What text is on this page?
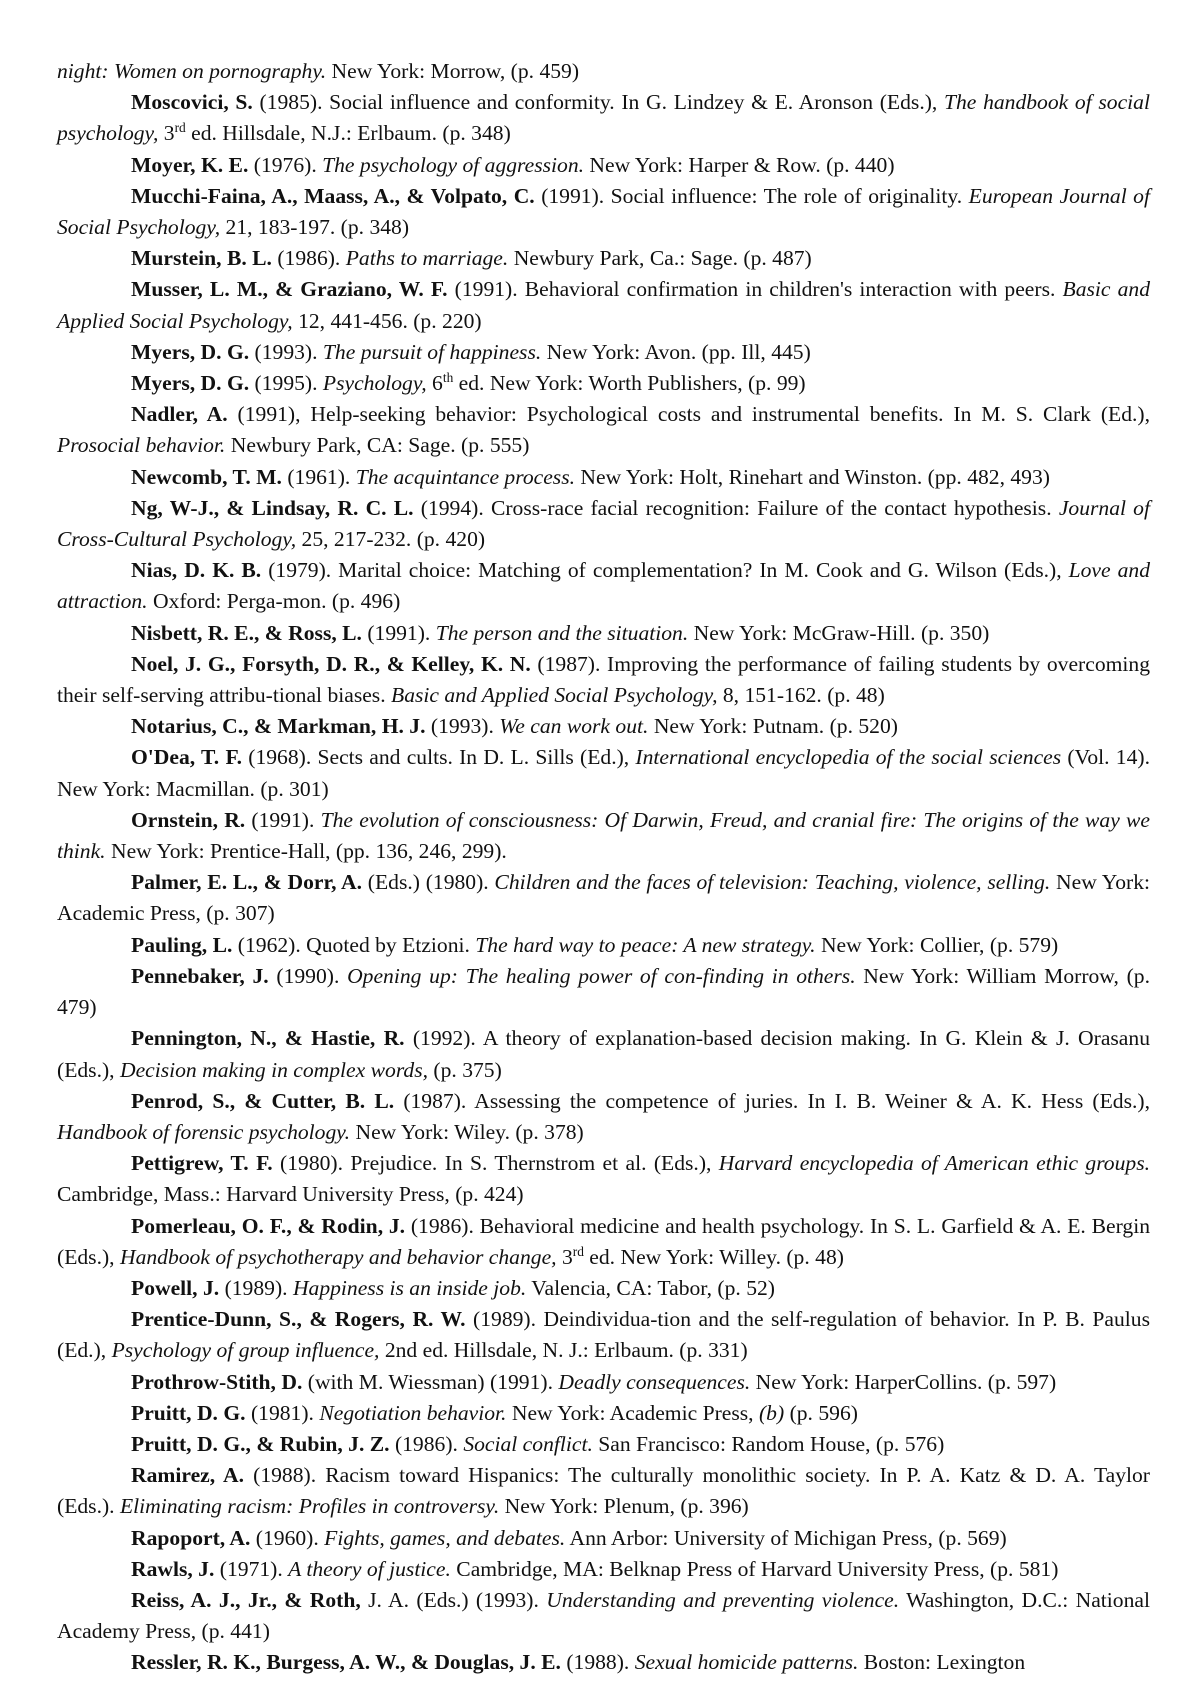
night: Women on pornography. New York: Morrow, (p. 459)

Moscovici, S. (1985). Social influence and conformity. In G. Lindzey & E. Aronson (Eds.), The handbook of social psychology, 3rd ed. Hillsdale, N.J.: Erlbaum. (p. 348)

Moyer, K. E. (1976). The psychology of aggression. New York: Harper & Row. (p. 440)

Mucchi-Faina, A., Maass, A., & Volpato, C. (1991). Social influence: The role of originality. European Journal of Social Psychology, 21, 183-197. (p. 348)

Murstein, B. L. (1986). Paths to marriage. Newbury Park, Ca.: Sage. (p. 487)

Musser, L. M., & Graziano, W. F. (1991). Behavioral confirmation in children's interaction with peers. Basic and Applied Social Psychology, 12, 441-456. (p. 220)

Myers, D. G. (1993). The pursuit of happiness. New York: Avon. (pp. Ill, 445)

Myers, D. G. (1995). Psychology, 6th ed. New York: Worth Publishers, (p. 99)

Nadler, A. (1991), Help-seeking behavior: Psychological costs and instrumental benefits. In M. S. Clark (Ed.), Prosocial behavior. Newbury Park, CA: Sage. (p. 555)

Newcomb, T. M. (1961). The acquintance process. New York: Holt, Rinehart and Winston. (pp. 482, 493)

Ng, W-J., & Lindsay, R. C. L. (1994). Cross-race facial recognition: Failure of the contact hypothesis. Journal of Cross-Cultural Psychology, 25, 217-232. (p. 420)

Nias, D. K. B. (1979). Marital choice: Matching of complementation? In M. Cook and G. Wilson (Eds.), Love and attraction. Oxford: Perga-mon. (p. 496)

Nisbett, R. E., & Ross, L. (1991). The person and the situation. New York: McGraw-Hill. (p. 350)

Noel, J. G., Forsyth, D. R., & Kelley, K. N. (1987). Improving the performance of failing students by overcoming their self-serving attribu-tional biases. Basic and Applied Social Psychology, 8, 151-162. (p. 48)

Notarius, C., & Markman, H. J. (1993). We can work out. New York: Putnam. (p. 520)

O'Dea, T. F. (1968). Sects and cults. In D. L. Sills (Ed.), International encyclopedia of the social sciences (Vol. 14). New York: Macmillan. (p. 301)

Ornstein, R. (1991). The evolution of consciousness: Of Darwin, Freud, and cranial fire: The origins of the way we think. New York: Prentice-Hall, (pp. 136, 246, 299).

Palmer, E. L., & Dorr, A. (Eds.) (1980). Children and the faces of television: Teaching, violence, selling. New York: Academic Press, (p. 307)

Pauling, L. (1962). Quoted by Etzioni. The hard way to peace: A new strategy. New York: Collier, (p. 579)

Pennebaker, J. (1990). Opening up: The healing power of con-finding in others. New York: William Morrow, (p. 479)

Pennington, N., & Hastie, R. (1992). A theory of explanation-based decision making. In G. Klein & J. Orasanu (Eds.), Decision making in complex words, (p. 375)

Penrod, S., & Cutter, B. L. (1987). Assessing the competence of juries. In I. B. Weiner & A. K. Hess (Eds.), Handbook of forensic psychology. New York: Wiley. (p. 378)

Pettigrew, T. F. (1980). Prejudice. In S. Thernstrom et al. (Eds.), Harvard encyclopedia of American ethic groups. Cambridge, Mass.: Harvard University Press, (p. 424)

Pomerleau, O. F., & Rodin, J. (1986). Behavioral medicine and health psychology. In S. L. Garfield & A. E. Bergin (Eds.), Handbook of psychotherapy and behavior change, 3rd ed. New York: Willey. (p. 48)

Powell, J. (1989). Happiness is an inside job. Valencia, CA: Tabor, (p. 52)

Prentice-Dunn, S., & Rogers, R. W. (1989). Deindividua-tion and the self-regulation of behavior. In P. B. Paulus (Ed.), Psychology of group influence, 2nd ed. Hillsdale, N. J.: Erlbaum. (p. 331)

Prothrow-Stith, D. (with M. Wiessman) (1991). Deadly consequences. New York: HarperCollins. (p. 597)

Pruitt, D. G. (1981). Negotiation behavior. New York: Academic Press, (b) (p. 596)

Pruitt, D. G., & Rubin, J. Z. (1986). Social conflict. San Francisco: Random House, (p. 576)

Ramirez, A. (1988). Racism toward Hispanics: The culturally monolithic society. In P. A. Katz & D. A. Taylor (Eds.). Eliminating racism: Profiles in controversy. New York: Plenum, (p. 396)

Rapoport, A. (1960). Fights, games, and debates. Ann Arbor: University of Michigan Press, (p. 569)

Rawls, J. (1971). A theory of justice. Cambridge, MA: Belknap Press of Harvard University Press, (p. 581)

Reiss, A. J., Jr., & Roth, J. A. (Eds.) (1993). Understanding and preventing violence. Washington, D.C.: National Academy Press, (p. 441)

Ressler, R. K., Burgess, A. W., & Douglas, J. E. (1988). Sexual homicide patterns. Boston: Lexington
